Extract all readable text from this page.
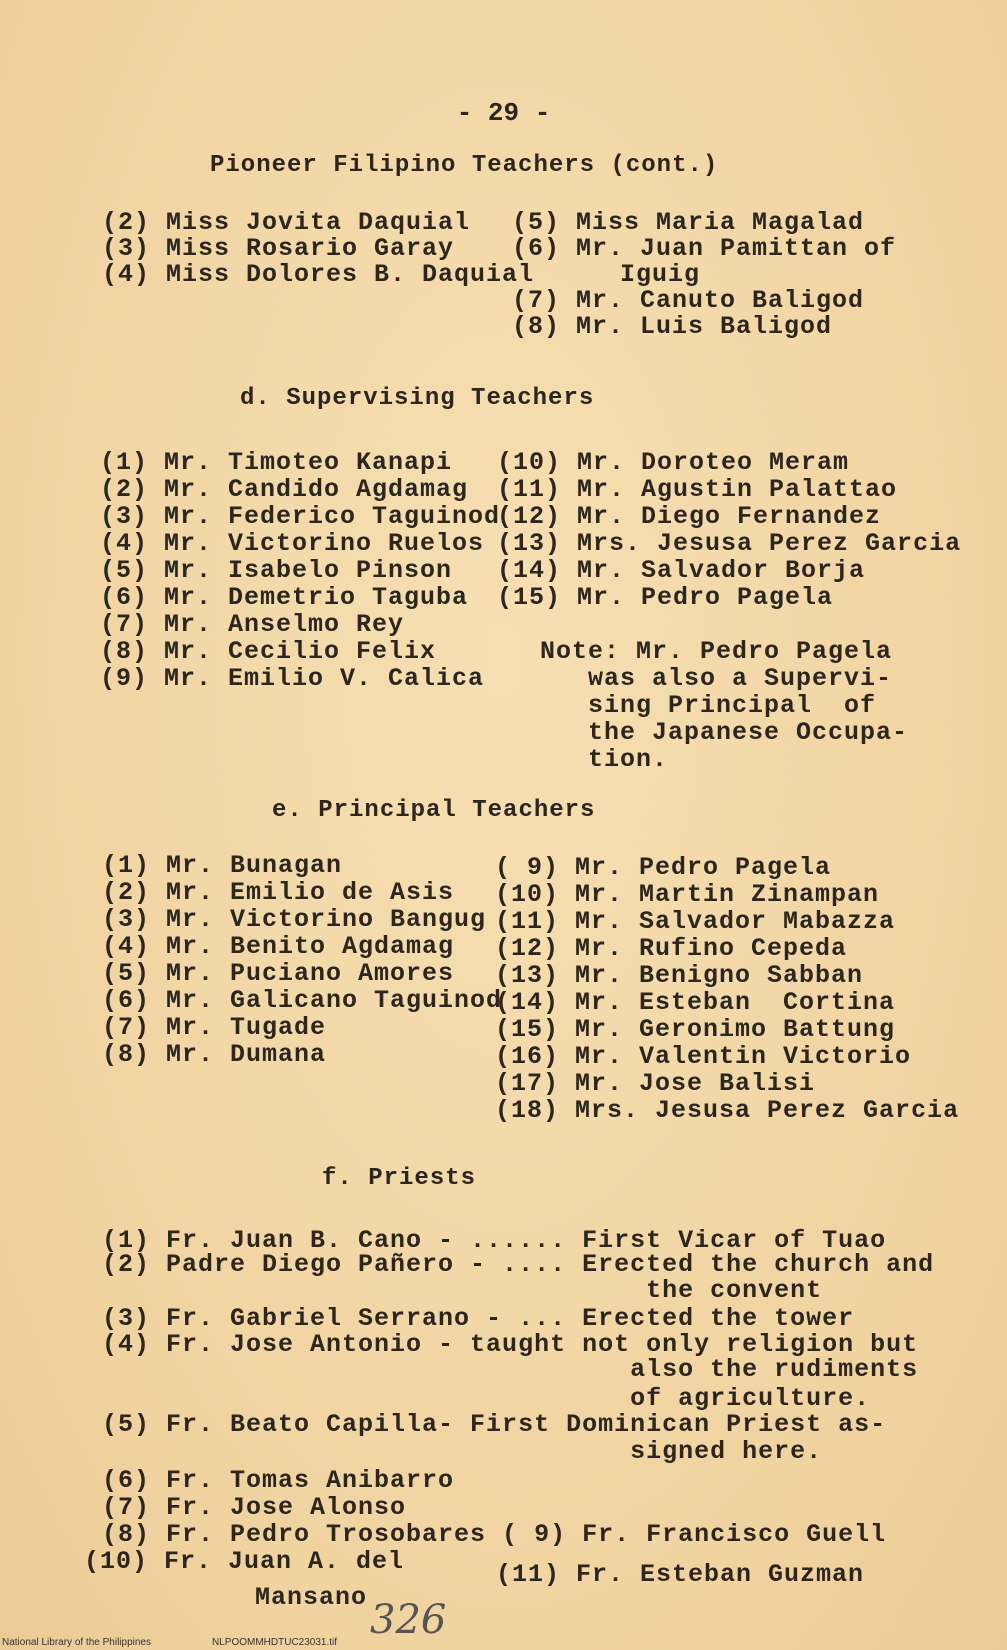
- 29 -
Pioneer Filipino Teachers (cont.)
(2) Miss Jovita Daquial
(3) Miss Rosario Garay
(4) Miss Dolores B. Daquial
(5) Miss Maria Magalad
(6) Mr. Juan Pamittan of
Iguig
(7) Mr. Canuto Baligod
(8) Mr. Luis Baligod
d. Supervising Teachers
(1) Mr. Timoteo Kanapi
(2) Mr. Candido Agdamag
(3) Mr. Federico Taguinod
(4) Mr. Victorino Ruelos
(5) Mr. Isabelo Pinson
(6) Mr. Demetrio Taguba
(7) Mr. Anselmo Rey
(8) Mr. Cecilio Felix
(9) Mr. Emilio V. Calica
(10) Mr. Doroteo Meram
(11) Mr. Agustin Palattao
(12) Mr. Diego Fernandez
(13) Mrs. Jesusa Perez Garcia
(14) Mr. Salvador Borja
(15) Mr. Pedro Pagela
Note: Mr. Pedro Pagela
was also a Supervi-
sing Principal  of
the Japanese Occupa-
tion.
e. Principal Teachers
(1) Mr. Bunagan
(2) Mr. Emilio de Asis
(3) Mr. Victorino Bangug
(4) Mr. Benito Agdamag
(5) Mr. Puciano Amores
(6) Mr. Galicano Taguinod
(7) Mr. Tugade
(8) Mr. Dumana
( 9) Mr. Pedro Pagela
(10) Mr. Martin Zinampan
(11) Mr. Salvador Mabazza
(12) Mr. Rufino Cepeda
(13) Mr. Benigno Sabban
(14) Mr. Esteban  Cortina
(15) Mr. Geronimo Battung
(16) Mr. Valentin Victorio
(17) Mr. Jose Balisi
(18) Mrs. Jesusa Perez Garcia
f. Priests
(1) Fr. Juan B. Cano - ...... First Vicar of Tuao
(2) Padre Diego Pañero - .... Erected the church and
the convent
(3) Fr. Gabriel Serrano - ... Erected the tower
(4) Fr. Jose Antonio - taught not only religion but
also the rudiments
of agriculture.
(5) Fr. Beato Capilla- First Dominican Priest as-
signed here.
(6) Fr. Tomas Anibarro
(7) Fr. Jose Alonso
(8) Fr. Pedro Trosobares ( 9) Fr. Francisco Guell
(10) Fr. Juan A. del
Mansano
(11) Fr. Esteban Guzman
326
National Library of the Philippines	NLPOOMMHDTUC23031.tif
